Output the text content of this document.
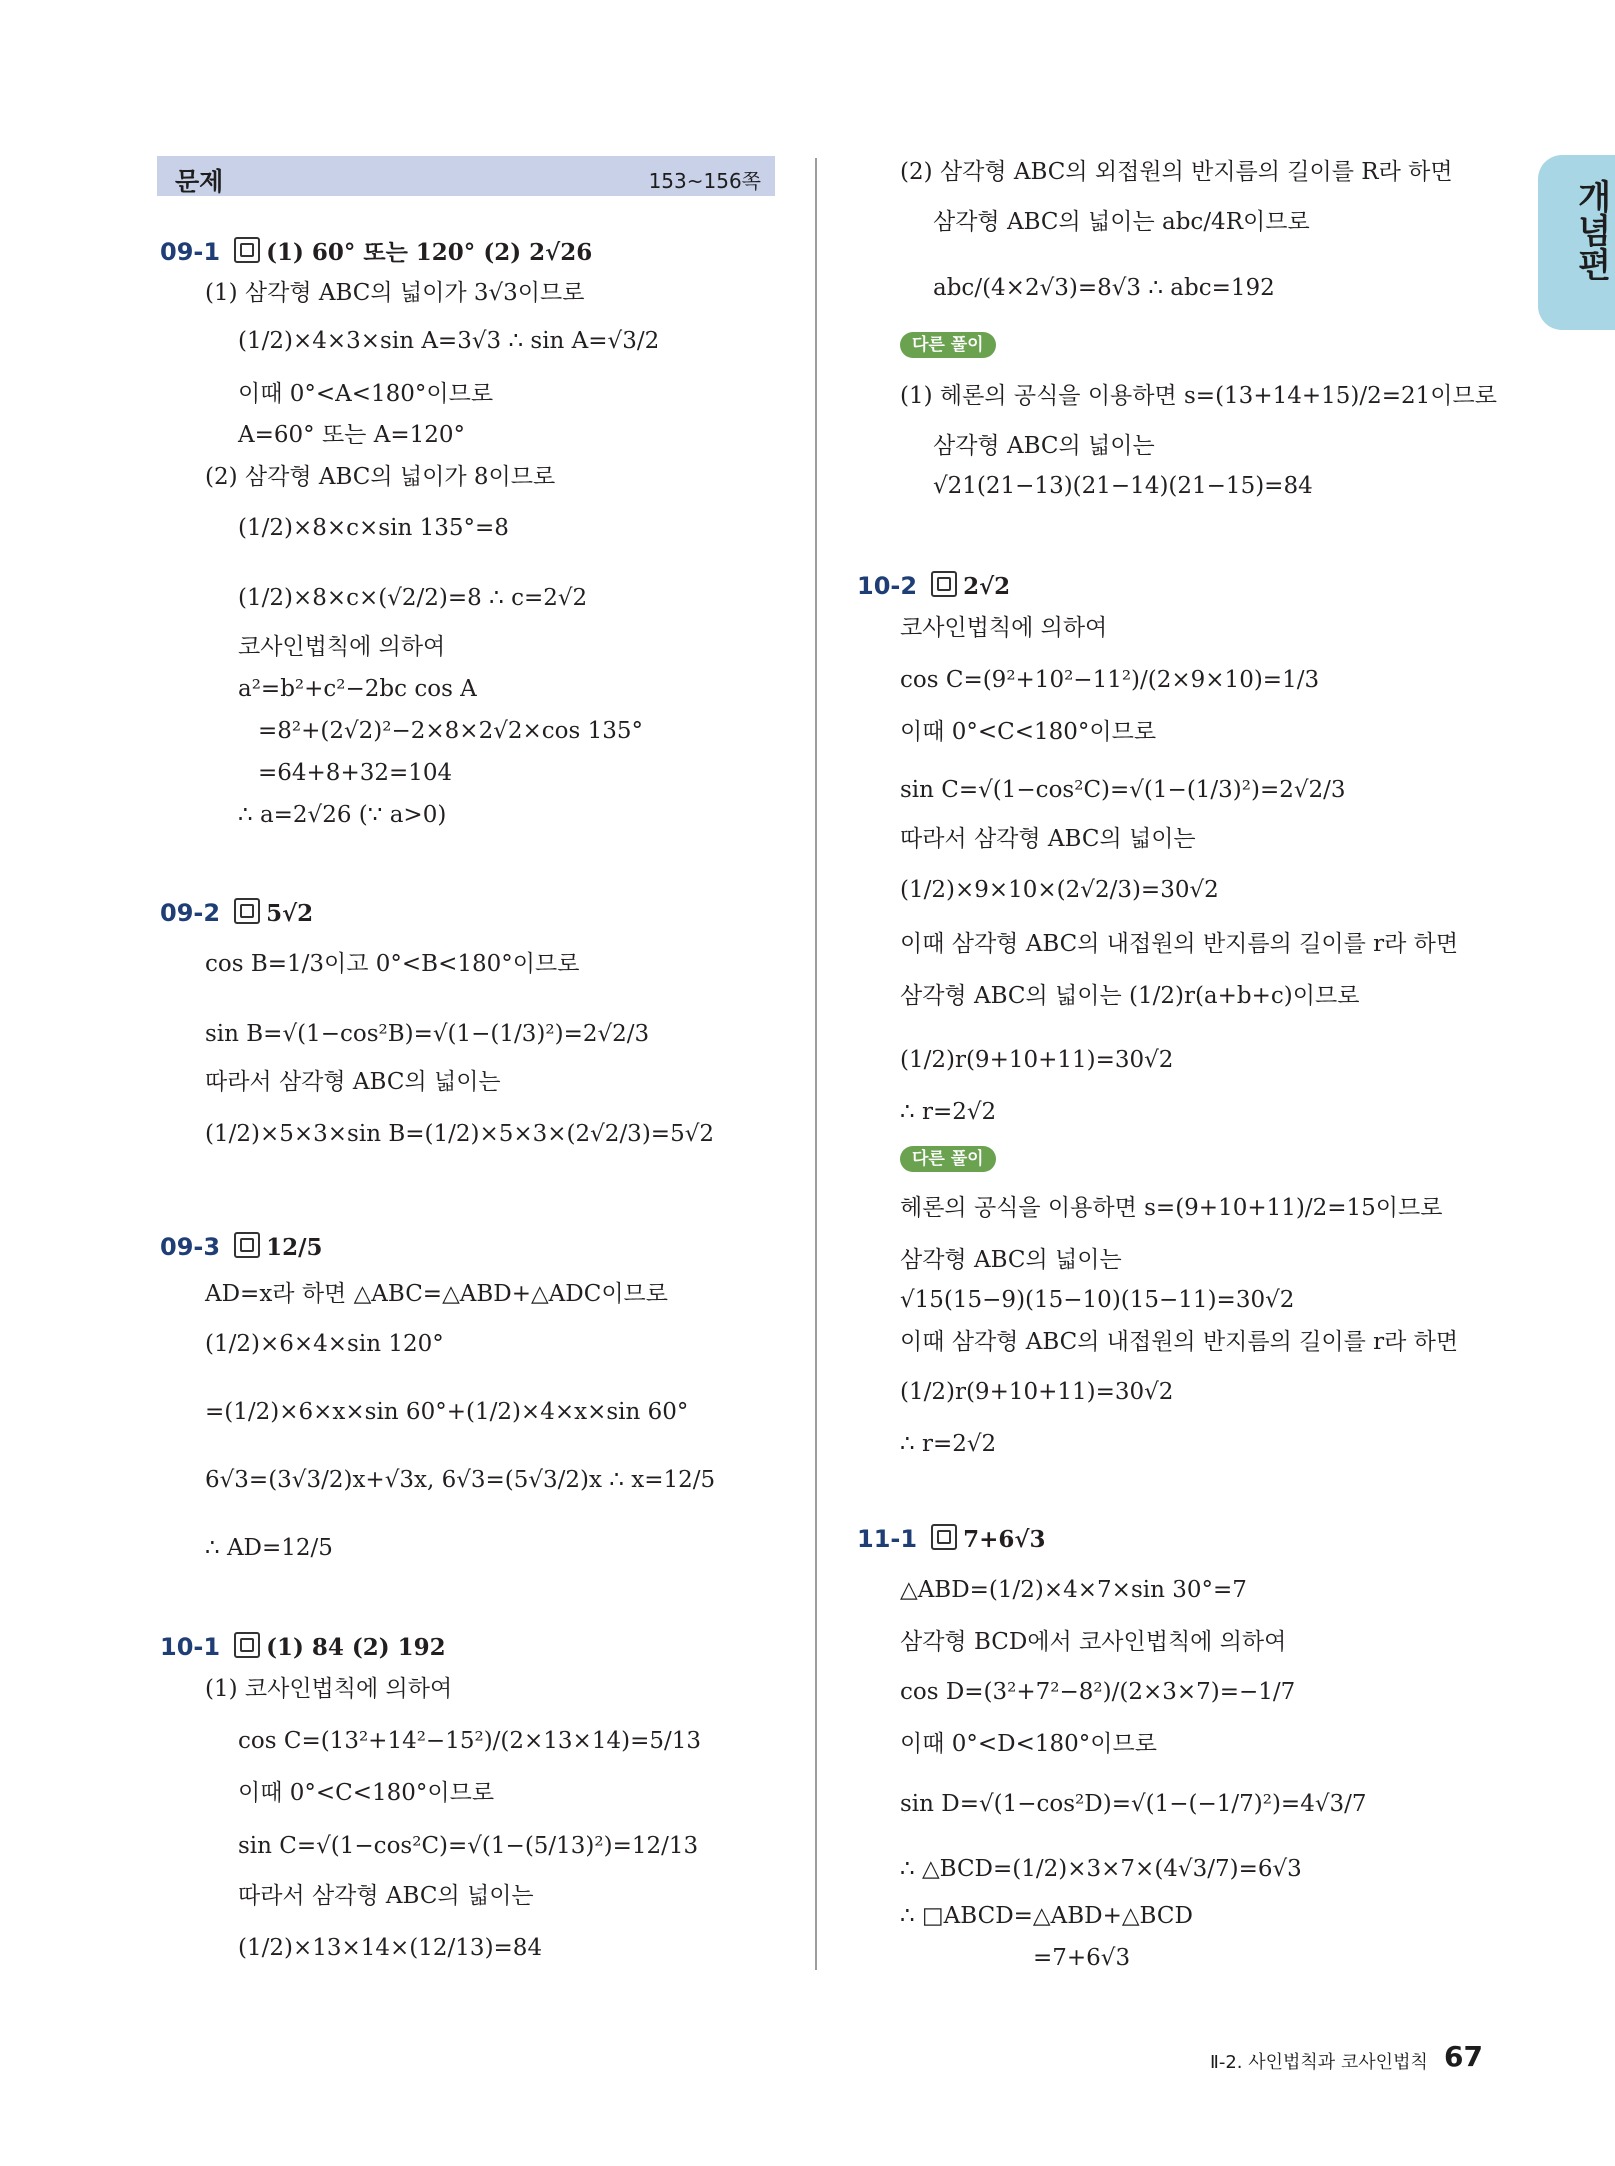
문제	153~156쪽	개념편
09-1 (1) 60° 또는 120° (2) 2√26
(1) 삼각형 ABC의 넓이가 3√3이므로
(1/2)×4×3×sin A=3√3 ∴ sin A=√3/2
이때 0°<A<180°이므로
A=60° 또는 A=120°
(2) 삼각형 ABC의 넓이가 8이므로
(1/2)×8×c×sin 135°=8
(1/2)×8×c×(√2/2)=8 ∴ c=2√2
코사인법칙에 의하여
a²=b²+c²−2bc cos A
=8²+(2√2)²−2×8×2√2×cos 135°
=64+8+32=104
∴ a=2√26 (∵ a>0)
09-2 5√2
cos B=1/3이고 0°<B<180°이므로
sin B=√(1−cos²B)=√(1−(1/3)²)=2√2/3
따라서 삼각형 ABC의 넓이는
(1/2)×5×3×sin B=(1/2)×5×3×(2√2/3)=5√2
09-3 12/5
AD=x라 하면 △ABC=△ABD+△ADC이므로
(1/2)×6×4×sin 120°
=(1/2)×6×x×sin 60°+(1/2)×4×x×sin 60°
6√3=(3√3/2)x+√3x, 6√3=(5√3/2)x ∴ x=12/5
∴ AD=12/5
10-1 (1) 84 (2) 192
(1) 코사인법칙에 의하여
cos C=(13²+14²−15²)/(2×13×14)=5/13
이때 0°<C<180°이므로
sin C=√(1−cos²C)=√(1−(5/13)²)=12/13
따라서 삼각형 ABC의 넓이는
(1/2)×13×14×(12/13)=84
(2) 삼각형 ABC의 외접원의 반지름의 길이를 R라 하면
삼각형 ABC의 넓이는 abc/4R이므로
abc/(4×2√3)=8√3 ∴ abc=192
다른 풀이
(1) 헤론의 공식을 이용하면 s=(13+14+15)/2=21이므로
삼각형 ABC의 넓이는
√21(21−13)(21−14)(21−15)=84
10-2 2√2
코사인법칙에 의하여
cos C=(9²+10²−11²)/(2×9×10)=1/3
이때 0°<C<180°이므로
sin C=√(1−cos²C)=√(1−(1/3)²)=2√2/3
따라서 삼각형 ABC의 넓이는
(1/2)×9×10×(2√2/3)=30√2
이때 삼각형 ABC의 내접원의 반지름의 길이를 r라 하면
삼각형 ABC의 넓이는 (1/2)r(a+b+c)이므로
(1/2)r(9+10+11)=30√2
∴ r=2√2
다른 풀이
헤론의 공식을 이용하면 s=(9+10+11)/2=15이므로
삼각형 ABC의 넓이는
√15(15−9)(15−10)(15−11)=30√2
이때 삼각형 ABC의 내접원의 반지름의 길이를 r라 하면
(1/2)r(9+10+11)=30√2
∴ r=2√2
11-1 7+6√3
△ABD=(1/2)×4×7×sin 30°=7
삼각형 BCD에서 코사인법칙에 의하여
cos D=(3²+7²−8²)/(2×3×7)=−1/7
이때 0°<D<180°이므로
sin D=√(1−cos²D)=√(1−(−1/7)²)=4√3/7
∴ △BCD=(1/2)×3×7×(4√3/7)=6√3
∴ □ABCD=△ABD+△BCD
=7+6√3
Ⅱ-2. 사인법칙과 코사인법칙 67
